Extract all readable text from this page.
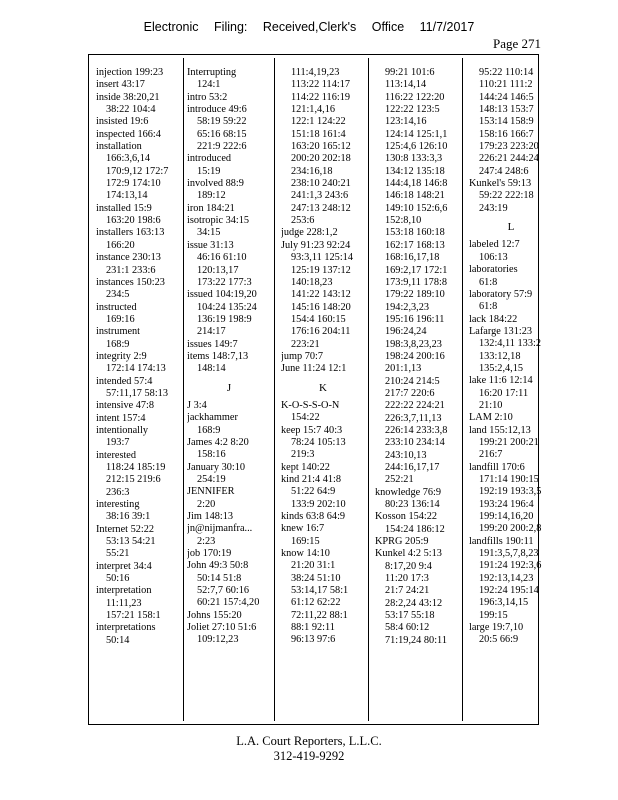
Electronic Filing: Received,Clerk's Office 11/7/2017
Page 271
injection 199:23
insert 43:17
inside 38:20,21
38:22 104:4
insisted 19:6
inspected 166:4
installation
166:3,6,14
170:9,12 172:7
172:9 174:10
174:13,14
installed 15:9
163:20 198:6
installers 163:13
166:20
instance 230:13
231:1 233:6
instances 150:23
234:5
instructed
169:16
instrument
168:9
integrity 2:9
172:14 174:13
intended 57:4
57:11,17 58:13
intensive 47:8
intent 157:4
intentionally
193:7
interested
118:24 185:19
212:15 219:6
236:3
interesting
38:16 39:1
Internet 52:22
53:13 54:21
55:21
interpret 34:4
50:16
interpretation
11:11,23
157:21 158:1
interpretations
50:14
Interrupting
124:1
intro 53:2
introduce 49:6
58:19 59:22
65:16 68:15
221:9 222:6
introduced
15:19
involved 88:9
189:12
iron 184:21
isotropic 34:15
34:15
issue 31:13
46:16 61:10
120:13,17
173:22 177:3
issued 104:19,20
104:24 135:24
136:19 198:9
214:17
issues 149:7
items 148:7,13
148:14
J
J 3:4
jackhammer
168:9
James 4:2 8:20
158:16
January 30:10
254:19
JENNIFER
2:20
Jim 148:13
jn@nijmanfra...
2:23
job 170:19
John 49:3 50:8
50:14 51:8
52:7,7 60:16
60:21 157:4,20
Johns 155:20
Joliet 27:10 51:6
109:12,23
111:4,19,23
113:22 114:17
114:22 116:19
121:1,4,16
122:1 124:22
151:18 161:4
163:20 165:12
200:20 202:18
234:16,18
238:10 240:21
241:1,3 243:6
247:13 248:12
253:6
judge 228:1,2
July 91:23 92:24
93:3,11 125:14
125:19 137:12
140:18,23
141:22 143:12
145:16 148:20
154:4 160:15
176:16 204:11
223:21
jump 70:7
June 11:24 12:1
K
K-O-S-S-O-N
154:22
keep 15:7 40:3
78:24 105:13
219:3
kept 140:22
kind 21:4 41:8
51:22 64:9
133:9 202:10
kinds 63:8 64:9
knew 16:7
169:15
know 14:10
21:20 31:1
38:24 51:10
53:14,17 58:1
61:12 62:22
72:11,22 88:1
88:1 92:11
96:13 97:6
99:21 101:6
113:14,14
116:22 122:20
122:22 123:5
123:14,16
124:14 125:1,1
125:4,6 126:10
130:8 133:3,3
134:12 135:18
144:4,18 146:8
146:18 148:21
149:10 152:6,6
152:8,10
153:18 160:18
162:17 168:13
168:16,17,18
169:2,17 172:1
173:9,11 178:8
179:22 189:10
194:2,3,23
195:16 196:11
196:24,24
198:3,8,23,23
198:24 200:16
201:1,13
210:24 214:5
217:7 220:6
222:22 224:21
226:3,7,11,13
226:14 233:3,8
233:10 234:14
243:10,13
244:16,17,17
252:21
knowledge 76:9
80:23 136:14
Kosson 154:22
154:24 186:12
KPRG 205:9
Kunkel 4:2 5:13
8:17,20 9:4
11:20 17:3
21:7 24:21
28:2,24 43:12
53:17 55:18
58:4 60:12
71:19,24 80:11
95:22 110:14
110:21 111:2
144:24 146:5
148:13 153:7
153:14 158:9
158:16 166:7
179:23 223:20
226:21 244:24
247:4 248:6
Kunkel's 59:13
59:22 222:18
243:19
L
labeled 12:7
106:13
laboratories
61:8
laboratory 57:9
61:8
lack 184:22
Lafarge 131:23
132:4,11 133:2
133:12,18
135:2,4,15
lake 11:6 12:14
16:20 17:11
21:10
LAM 2:10
land 155:12,13
199:21 200:21
216:7
landfill 170:6
171:14 190:15
192:19 193:3,5
193:24 196:4
199:14,16,20
199:20 200:2,8
landfills 190:11
191:3,5,7,8,23
191:24 192:3,6
192:13,14,23
192:24 195:14
196:3,14,15
199:15
large 19:7,10
20:5 66:9
L.A. Court Reporters, L.L.C.
312-419-9292
